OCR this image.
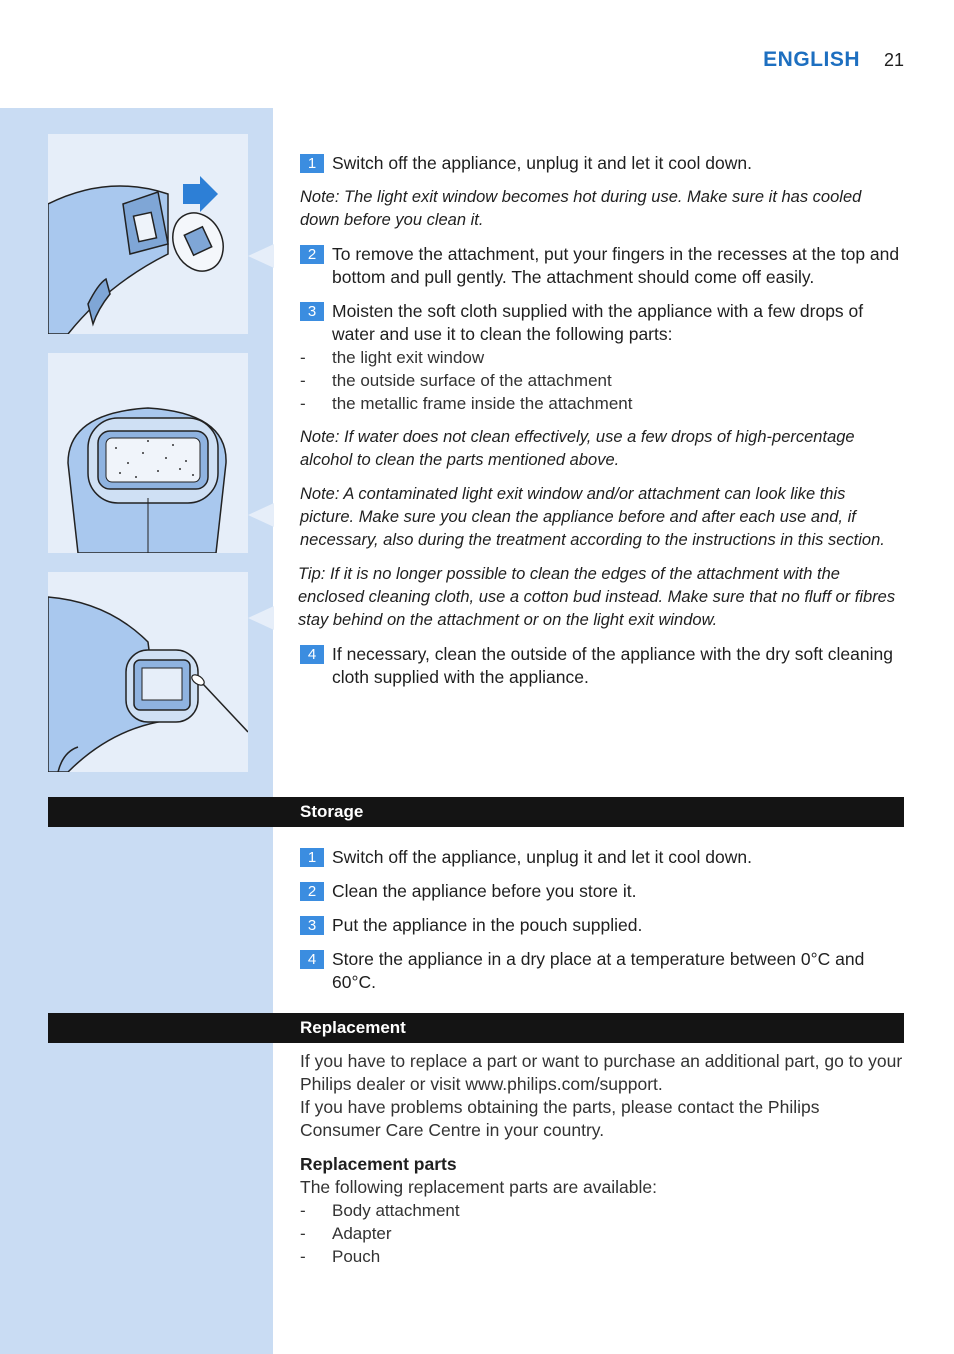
ENGLISH 21
1 Switch off the appliance, unplug it and let it cool down.

Note: The light exit window becomes hot during use. Make sure it has cooled down before you clean it.

2 To remove the attachment, put your fingers in the recesses at the top and bottom and pull gently. The attachment should come off easily.
3 Moisten the soft cloth supplied with the appliance with a few drops of water and use it to clean the following parts:
- the light exit window
- the outside surface of the attachment
- the metallic frame inside the attachment

Note: If water does not clean effectively, use a few drops of high-percentage alcohol to clean the parts mentioned above.

Note: A contaminated light exit window and/or attachment can look like this picture. Make sure you clean the appliance before and after each use and, if necessary, also during the treatment according to the instructions in this section.

Tip: If it is no longer possible to clean the edges of the attachment with the enclosed cleaning cloth, use a cotton bud instead. Make sure that no fluff or fibres stay behind on the attachment or on the light exit window.

4 If necessary, clean the outside of the appliance with the dry soft cleaning cloth supplied with the appliance.
Storage
1 Switch off the appliance, unplug it and let it cool down.
2 Clean the appliance before you store it.
3 Put the appliance in the pouch supplied.
4 Store the appliance in a dry place at a temperature between 0°C and 60°C.
Replacement

If you have to replace a part or want to purchase an additional part, go to your Philips dealer or visit www.philips.com/support.

If you have problems obtaining the parts, please contact the Philips Consumer Care Centre in your country.

Replacement parts

The following replacement parts are available:

- Body attachment
- Adapter
- Pouch
